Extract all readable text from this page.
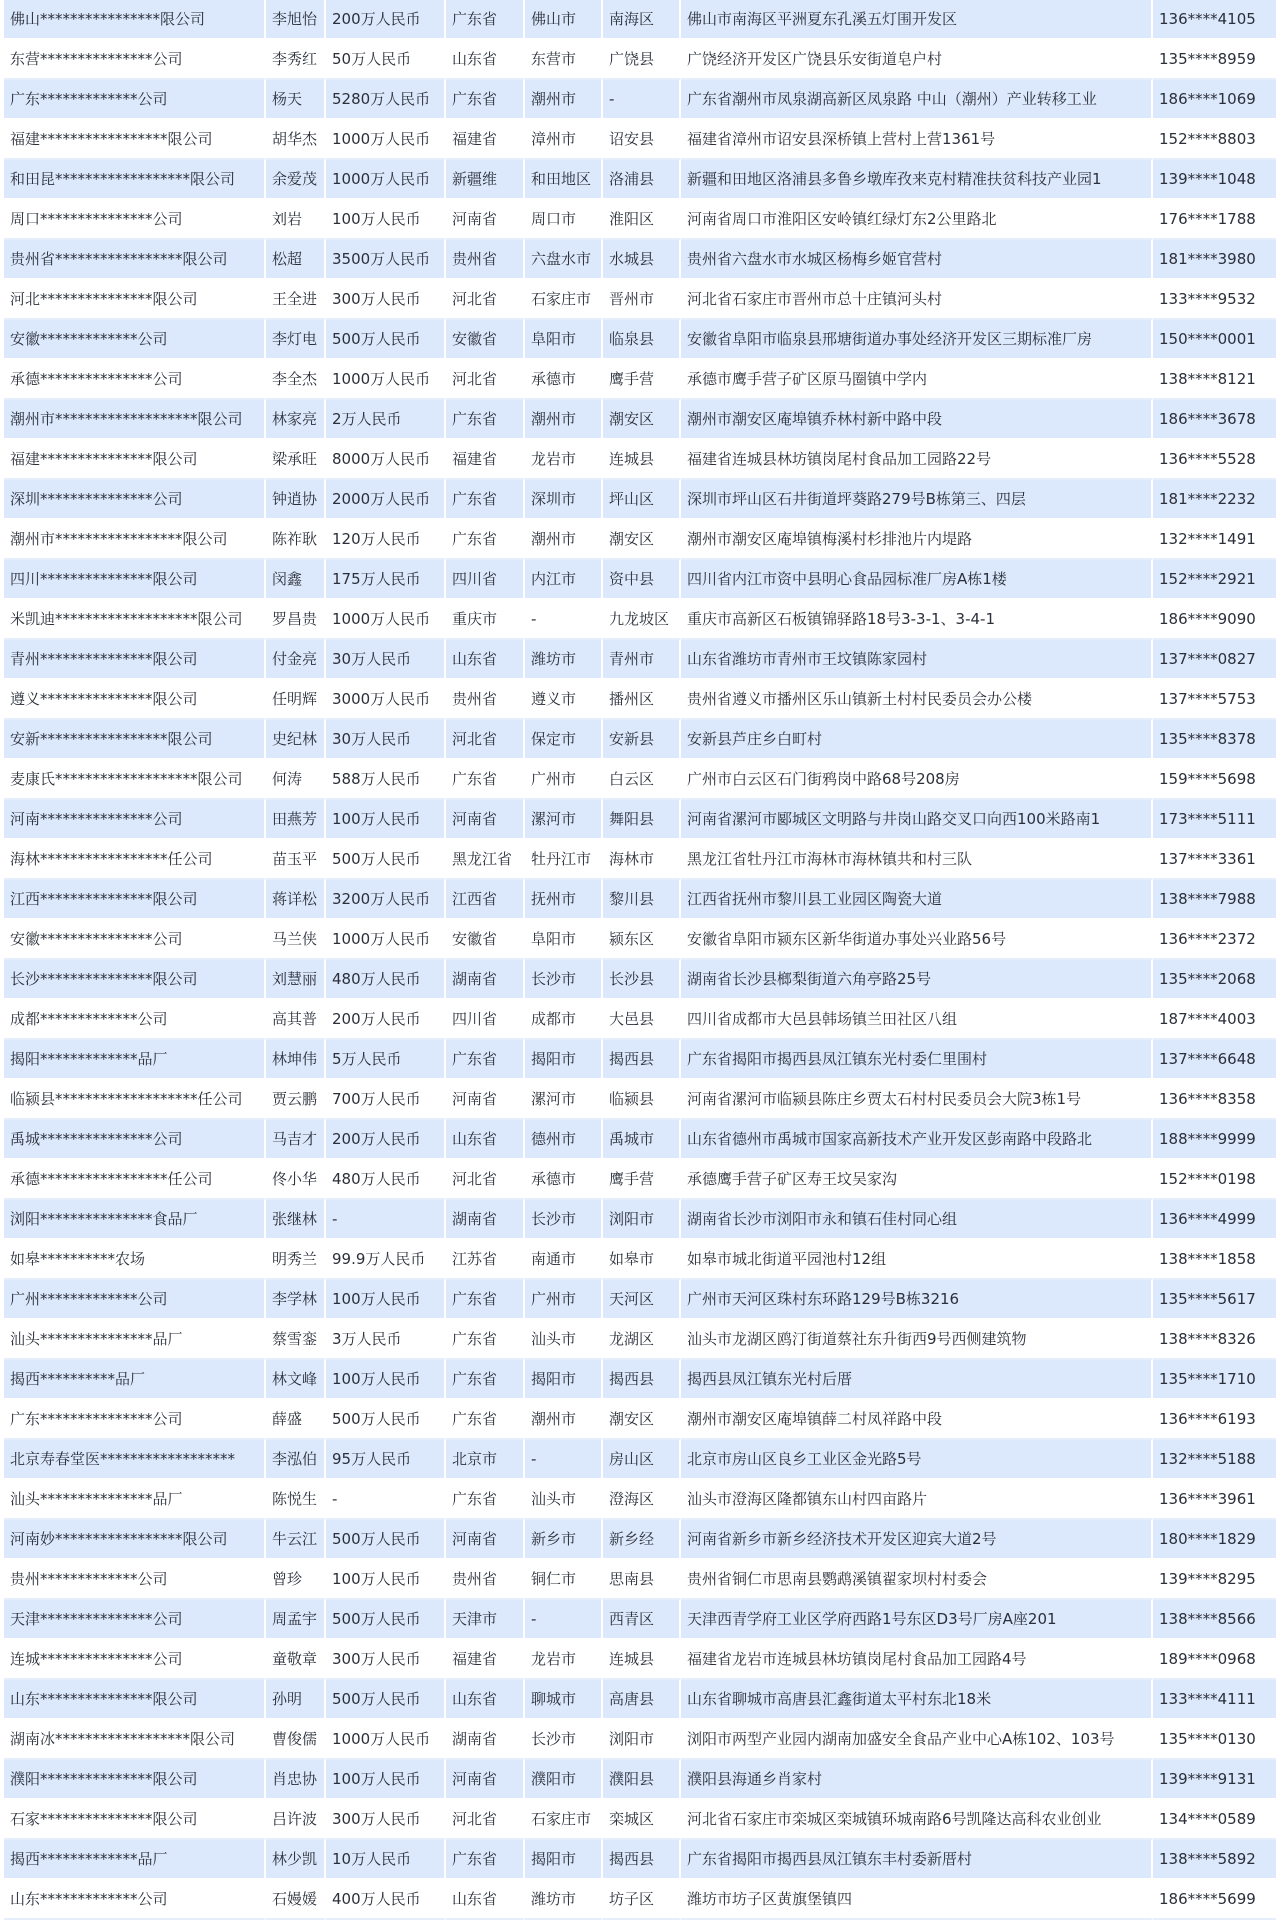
佛山****************限公司	李旭怡	200万人民币	广东省	佛山市	南海区	佛山市南海区平洲夏东孔溪五灯围开发区	136****4105
东营***************公司	李秀红	50万人民币	山东省	东营市	广饶县	广饶经济开发区广饶县乐安街道皂户村	135****8959
广东*************公司	杨天	5280万人民币	广东省	潮州市	-	广东省潮州市凤泉湖高新区凤泉路 中山（潮州）产业转移工业	186****1069
福建*****************限公司	胡华杰	1000万人民币	福建省	漳州市	诏安县	福建省漳州市诏安县深桥镇上营村上营1361号	152****8803
和田昆******************限公司	余爱茂	1000万人民币	新疆维	和田地区	洛浦县	新疆和田地区洛浦县多鲁乡墩库孜来克村精准扶贫科技产业园1	139****1048
周口***************公司	刘岩	100万人民币	河南省	周口市	淮阳区	河南省周口市淮阳区安岭镇红绿灯东2公里路北	176****1788
贵州省*****************限公司	松超	3500万人民币	贵州省	六盘水市	水城县	贵州省六盘水市水城区杨梅乡姬官营村	181****3980
河北***************限公司	王全进	300万人民币	河北省	石家庄市	晋州市	河北省石家庄市晋州市总十庄镇河头村	133****9532
安徽*************公司	李灯电	500万人民币	安徽省	阜阳市	临泉县	安徽省阜阳市临泉县邢塘街道办事处经济开发区三期标准厂房	150****0001
承德***************公司	李全杰	1000万人民币	河北省	承德市	鹰手营	承德市鹰手营子矿区原马圈镇中学内	138****8121
潮州市*******************限公司	林家亮	2万人民币	广东省	潮州市	潮安区	潮州市潮安区庵埠镇乔林村新中路中段	186****3678
福建***************限公司	梁承旺	8000万人民币	福建省	龙岩市	连城县	福建省连城县林坊镇岗尾村食品加工园路22号	136****5528
深圳***************公司	钟逍协	2000万人民币	广东省	深圳市	坪山区	深圳市坪山区石井街道坪葵路279号B栋第三、四层	181****2232
潮州市*****************限公司	陈祚耿	120万人民币	广东省	潮州市	潮安区	潮州市潮安区庵埠镇梅溪村杉排池片内堤路	132****1491
四川***************限公司	闵鑫	175万人民币	四川省	内江市	资中县	四川省内江市资中县明心食品园标准厂房A栋1楼	152****2921
米凯迪*******************限公司	罗昌贵	1000万人民币	重庆市	-	九龙坡区	重庆市高新区石板镇锦驿路18号3-3-1、3-4-1	186****9090
青州***************限公司	付金亮	30万人民币	山东省	潍坊市	青州市	山东省潍坊市青州市王坟镇陈家园村	137****0827
遵义***************限公司	任明辉	3000万人民币	贵州省	遵义市	播州区	贵州省遵义市播州区乐山镇新土村村民委员会办公楼	137****5753
安新*****************限公司	史纪林	30万人民币	河北省	保定市	安新县	安新县芦庄乡白町村	135****8378
麦康氏*******************限公司	何涛	588万人民币	广东省	广州市	白云区	广州市白云区石门街鸦岗中路68号208房	159****5698
河南***************公司	田燕芳	100万人民币	河南省	漯河市	舞阳县	河南省漯河市郾城区文明路与井岗山路交叉口向西100米路南1	173****5111
海林*****************任公司	苗玉平	500万人民币	黑龙江省	牡丹江市	海林市	黑龙江省牡丹江市海林市海林镇共和村三队	137****3361
江西***************限公司	蒋详松	3200万人民币	江西省	抚州市	黎川县	江西省抚州市黎川县工业园区陶瓷大道	138****7988
安徽***************公司	马兰侠	1000万人民币	安徽省	阜阳市	颍东区	安徽省阜阳市颍东区新华街道办事处兴业路56号	136****2372
长沙***************限公司	刘慧丽	480万人民币	湖南省	长沙市	长沙县	湖南省长沙县榔梨街道六角亭路25号	135****2068
成都*************公司	高其普	200万人民币	四川省	成都市	大邑县	四川省成都市大邑县韩场镇兰田社区八组	187****4003
揭阳*************品厂	林坤伟	5万人民币	广东省	揭阳市	揭西县	广东省揭阳市揭西县凤江镇东光村委仁里围村	137****6648
临颍县*******************任公司	贾云鹏	700万人民币	河南省	漯河市	临颍县	河南省漯河市临颍县陈庄乡贾太石村村民委员会大院3栋1号	136****8358
禹城***************公司	马吉才	200万人民币	山东省	德州市	禹城市	山东省德州市禹城市国家高新技术产业开发区彭南路中段路北	188****9999
承德*****************任公司	佟小华	480万人民币	河北省	承德市	鹰手营	承德鹰手营子矿区寿王坟吴家沟	152****0198
浏阳***************食品厂	张继林	-	湖南省	长沙市	浏阳市	湖南省长沙市浏阳市永和镇石佳村同心组	136****4999
如皋**********农场	明秀兰	99.9万人民币	江苏省	南通市	如皋市	如皋市城北街道平园池村12组	138****1858
广州*************公司	李学林	100万人民币	广东省	广州市	天河区	广州市天河区珠村东环路129号B栋3216	135****5617
汕头***************品厂	蔡雪銮	3万人民币	广东省	汕头市	龙湖区	汕头市龙湖区鸥汀街道蔡社东升街西9号西侧建筑物	138****8326
揭西**********品厂	林文峰	100万人民币	广东省	揭阳市	揭西县	揭西县凤江镇东光村后厝	135****1710
广东***************公司	薛盛	500万人民币	广东省	潮州市	潮安区	潮州市潮安区庵埠镇薛二村凤祥路中段	136****6193
北京寿春堂医******************	李泓伯	95万人民币	北京市	-	房山区	北京市房山区良乡工业区金光路5号	132****5188
汕头***************品厂	陈悦生	-	广东省	汕头市	澄海区	汕头市澄海区隆都镇东山村四亩路片	136****3961
河南妙*****************限公司	牛云江	500万人民币	河南省	新乡市	新乡经	河南省新乡市新乡经济技术开发区迎宾大道2号	180****1829
贵州*************公司	曾珍	100万人民币	贵州省	铜仁市	思南县	贵州省铜仁市思南县鹦鹉溪镇翟家坝村村委会	139****8295
天津***************公司	周孟宇	500万人民币	天津市	-	西青区	天津西青学府工业区学府西路1号东区D3号厂房A座201	138****8566
连城***************公司	童敬章	300万人民币	福建省	龙岩市	连城县	福建省龙岩市连城县林坊镇岗尾村食品加工园路4号	189****0968
山东***************限公司	孙明	500万人民币	山东省	聊城市	高唐县	山东省聊城市高唐县汇鑫街道太平村东北18米	133****4111
湖南冰******************限公司	曹俊儒	1000万人民币	湖南省	长沙市	浏阳市	浏阳市两型产业园内湖南加盛安全食品产业中心A栋102、103号	135****0130
濮阳***************限公司	肖忠协	100万人民币	河南省	濮阳市	濮阳县	濮阳县海通乡肖家村	139****9131
石家***************限公司	吕许波	300万人民币	河北省	石家庄市	栾城区	河北省石家庄市栾城区栾城镇环城南路6号凯隆达高科农业创业	134****0589
揭西*************品厂	林少凯	10万人民币	广东省	揭阳市	揭西县	广东省揭阳市揭西县凤江镇东丰村委新厝村	138****5892
山东*************公司	石嫚媛	400万人民币	山东省	潍坊市	坊子区	潍坊市坊子区黄旗堡镇四	186****5699
